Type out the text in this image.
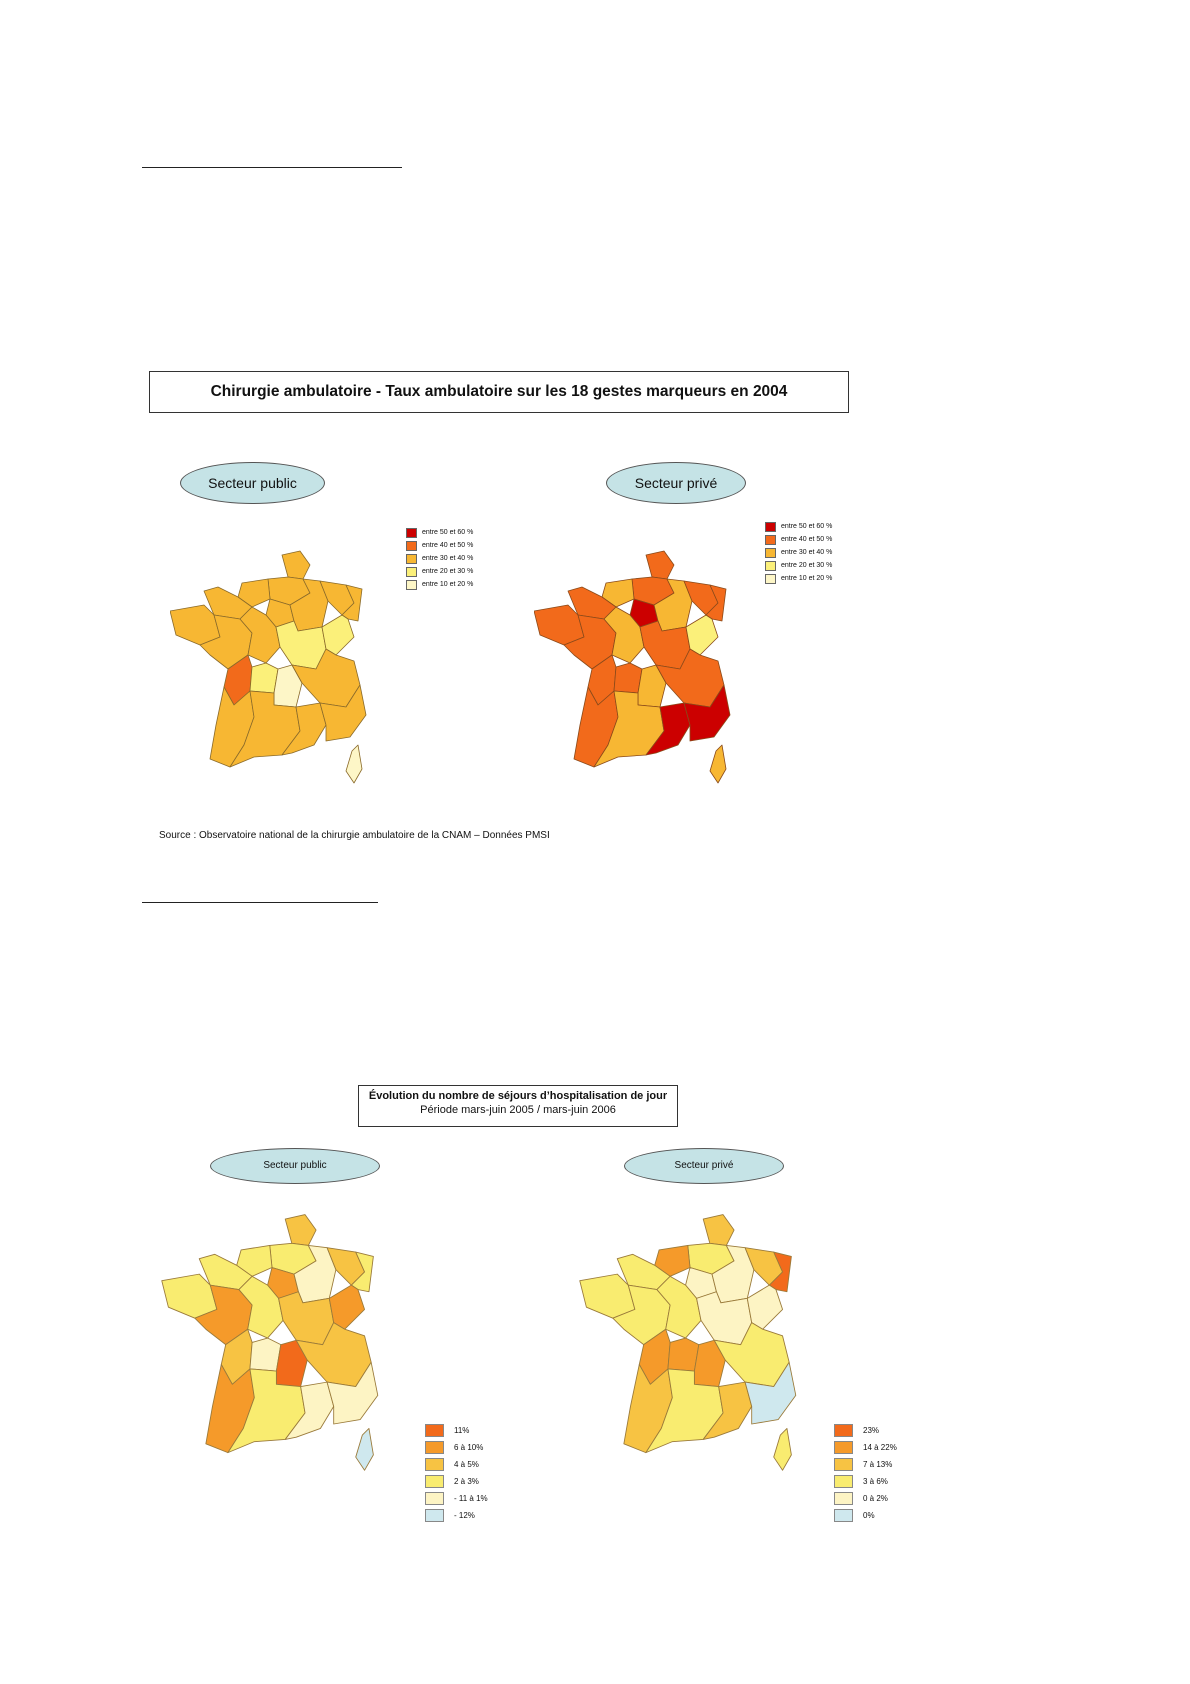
Chirurgie ambulatoire - Taux ambulatoire sur les 18 gestes marqueurs en 2004
Secteur public	Secteur privé
entre 50 et 60 %
entre 40 et 50 %
entre 30 et 40 %
entre 20 et 30 %
entre 10 et 20 %
entre 50 et 60 %
entre 40 et 50 %
entre 30 et 40 %
entre 20 et 30 %
entre 10 et 20 %
Source : Observatoire national de la chirurgie ambulatoire de la CNAM – Données PMSI
Évolution du nombre de séjours d’hospitalisation de jour
Période mars-juin 2005 / mars-juin 2006
Secteur public	Secteur privé
11%
6 à 10%
4 à 5%
2 à 3%
- 11 à 1%
- 12%
23%
14 à 22%
7 à 13%
3 à 6%
0 à 2%
0%
